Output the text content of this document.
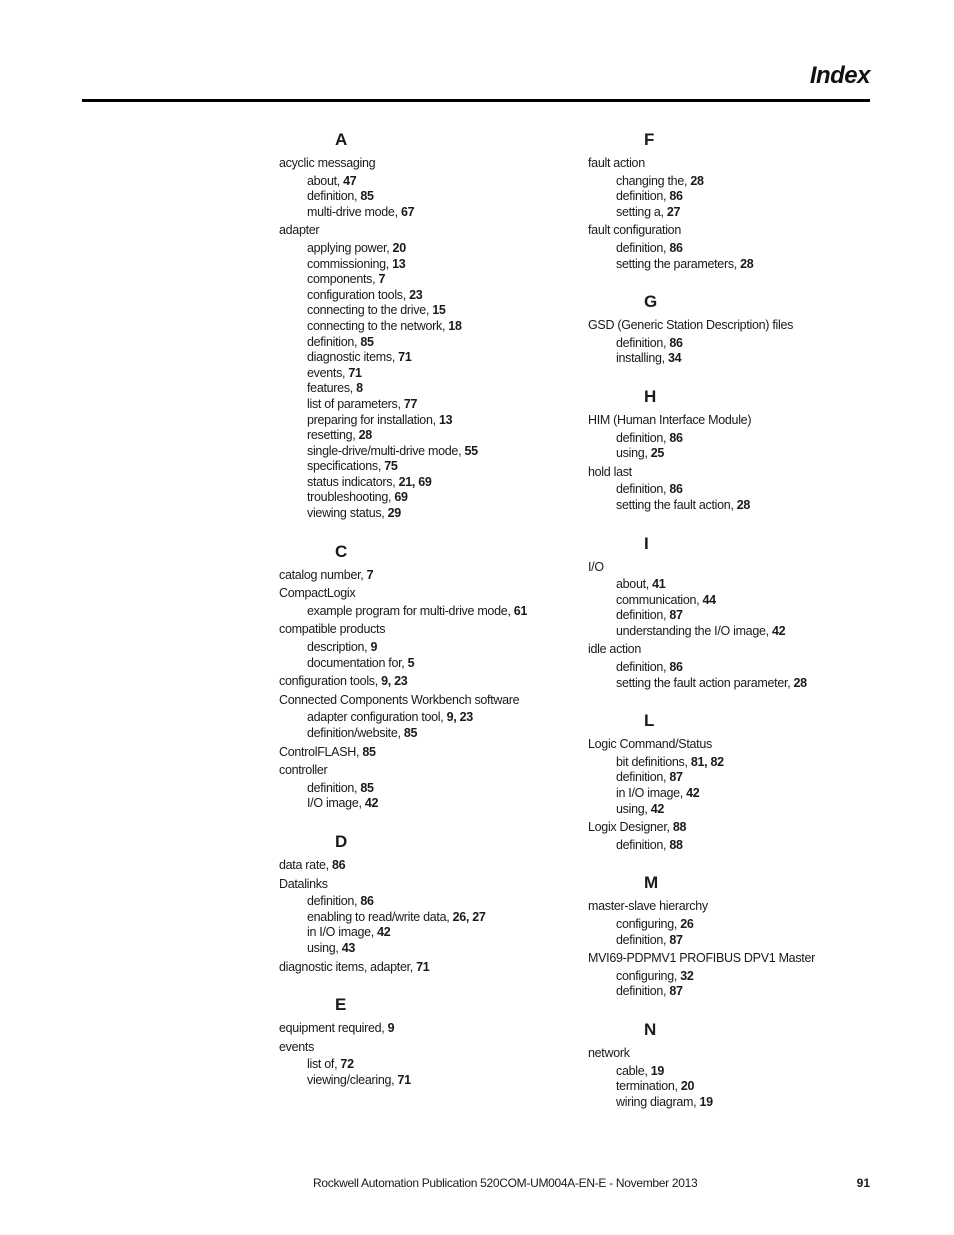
Index
A
acyclic messaging
about, 47
definition, 85
multi-drive mode, 67
adapter
applying power, 20
commissioning, 13
components, 7
configuration tools, 23
connecting to the drive, 15
connecting to the network, 18
definition, 85
diagnostic items, 71
events, 71
features, 8
list of parameters, 77
preparing for installation, 13
resetting, 28
single-drive/multi-drive mode, 55
specifications, 75
status indicators, 21, 69
troubleshooting, 69
viewing status, 29
C
catalog number, 7
CompactLogix
example program for multi-drive mode, 61
compatible products
description, 9
documentation for, 5
configuration tools, 9, 23
Connected Components Workbench software
adapter configuration tool, 9, 23
definition/website, 85
ControlFLASH, 85
controller
definition, 85
I/O image, 42
D
data rate, 86
Datalinks
definition, 86
enabling to read/write data, 26, 27
in I/O image, 42
using, 43
diagnostic items, adapter, 71
E
equipment required, 9
events
list of, 72
viewing/clearing, 71
F
fault action
changing the, 28
definition, 86
setting a, 27
fault configuration
definition, 86
setting the parameters, 28
G
GSD (Generic Station Description) files
definition, 86
installing, 34
H
HIM (Human Interface Module)
definition, 86
using, 25
hold last
definition, 86
setting the fault action, 28
I
I/O
about, 41
communication, 44
definition, 87
understanding the I/O image, 42
idle action
definition, 86
setting the fault action parameter, 28
L
Logic Command/Status
bit definitions, 81, 82
definition, 87
in I/O image, 42
using, 42
Logix Designer, 88
definition, 88
M
master-slave hierarchy
configuring, 26
definition, 87
MVI69-PDPMV1 PROFIBUS DPV1 Master
configuring, 32
definition, 87
N
network
cable, 19
termination, 20
wiring diagram, 19
Rockwell Automation Publication 520COM-UM004A-EN-E - November 2013	91
